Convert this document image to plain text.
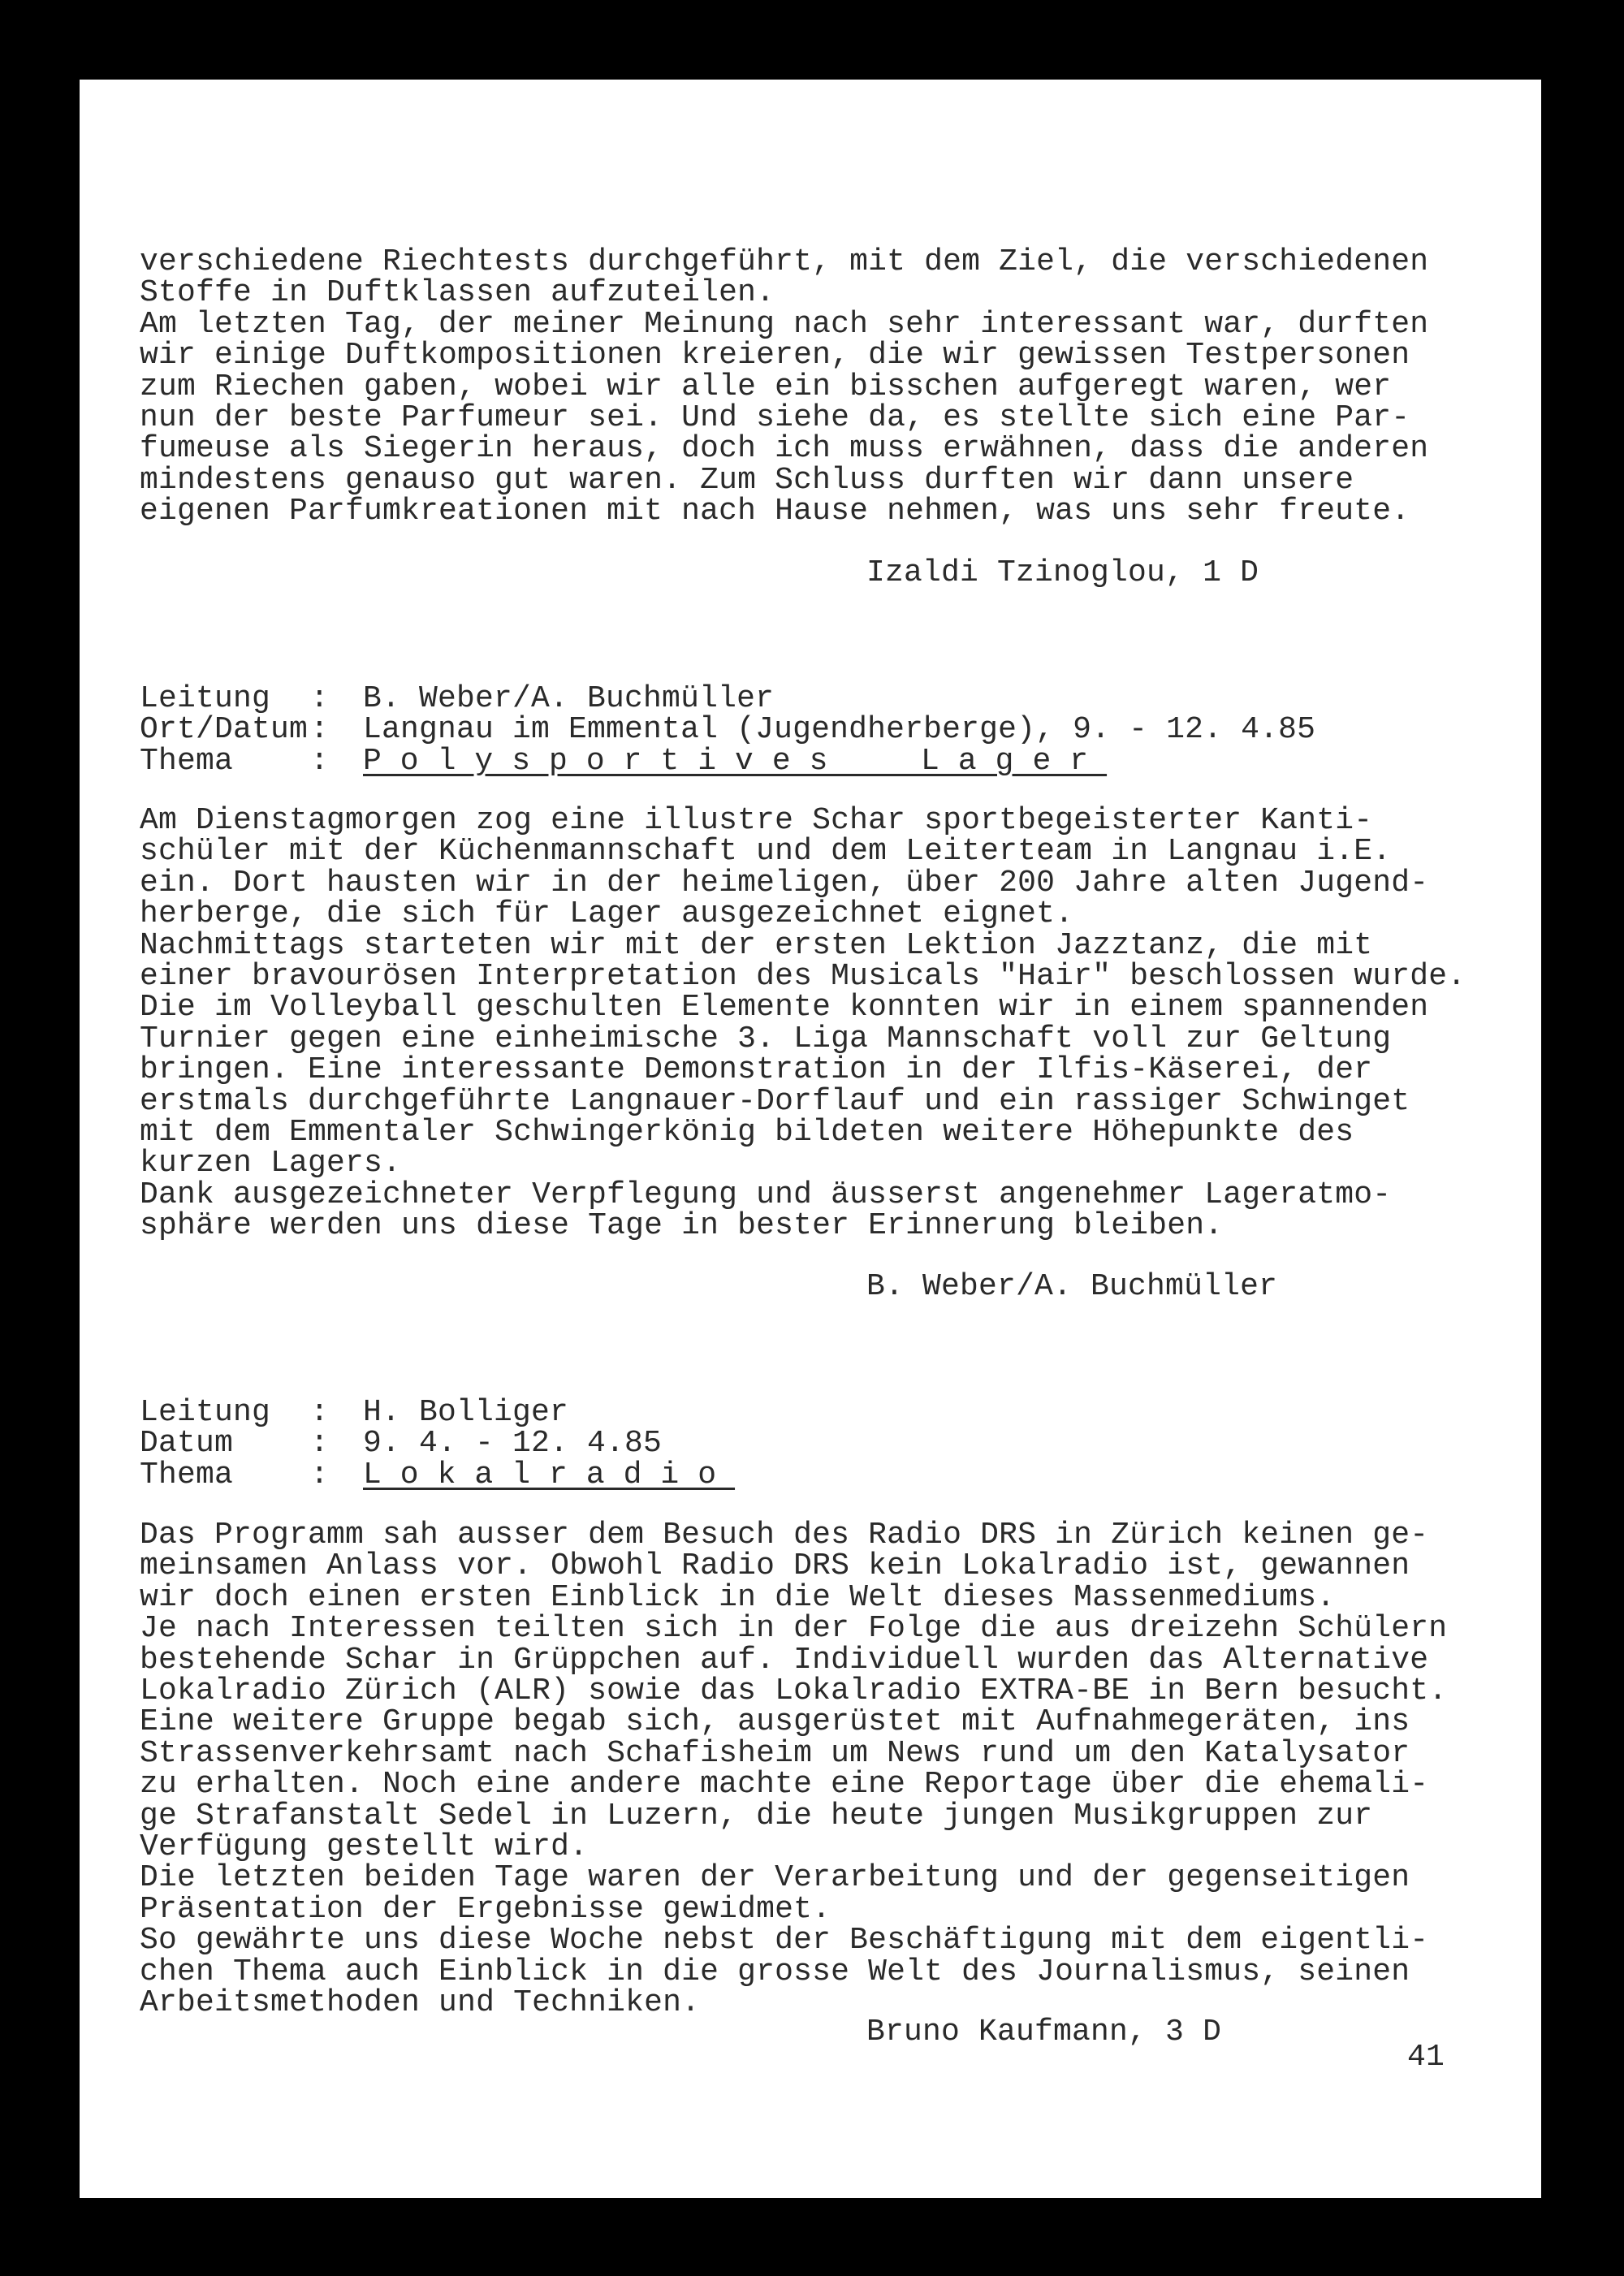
verschiedene Riechtests durchgeführt, mit dem Ziel, die verschiedenen
Stoffe in Duftklassen aufzuteilen.
Am letzten Tag, der meiner Meinung nach sehr interessant war, durften
wir einige Duftkompositionen kreieren, die wir gewissen Testpersonen
zum Riechen gaben, wobei wir alle ein bisschen aufgeregt waren, wer
nun der beste Parfumeur sei. Und siehe da, es stellte sich eine Par-
fumeuse als Siegerin heraus, doch ich muss erwähnen, dass die anderen
mindestens genauso gut waren. Zum Schluss durften wir dann unsere
eigenen Parfumkreationen mit nach Hause nehmen, was uns sehr freute.
Izaldi Tzinoglou, 1 D
Leitung : B. Weber/A. Buchmüller
Ort/Datum: Langnau im Emmental (Jugendherberge), 9. - 12. 4.85
Thema : Polysportives  Lager
Am Dienstagmorgen zog eine illustre Schar sportbegeisterter Kanti-
schüler mit der Küchenmannschaft und dem Leiterteam in Langnau i.E.
ein. Dort hausten wir in der heimeligen, über 200 Jahre alten Jugend-
herberge, die sich für Lager ausgezeichnet eignet.
Nachmittags starteten wir mit der ersten Lektion Jazztanz, die mit
einer bravourösen Interpretation des Musicals "Hair" beschlossen wurde.
Die im Volleyball geschulten Elemente konnten wir in einem spannenden
Turnier gegen eine einheimische 3. Liga Mannschaft voll zur Geltung
bringen. Eine interessante Demonstration in der Ilfis-Käserei, der
erstmals durchgeführte Langnauer-Dorflauf und ein rassiger Schwinget
mit dem Emmentaler Schwingerkönig bildeten weitere Höhepunkte des
kurzen Lagers.
Dank ausgezeichneter Verpflegung und äusserst angenehmer Lageratmo-
sphäre werden uns diese Tage in bester Erinnerung bleiben.
B. Weber/A. Buchmüller
Leitung : H. Bolliger
Datum : 9. 4. - 12. 4.85
Thema : Lokalradio
Das Programm sah ausser dem Besuch des Radio DRS in Zürich keinen ge-
meinsamen Anlass vor. Obwohl Radio DRS kein Lokalradio ist, gewannen
wir doch einen ersten Einblick in die Welt dieses Massenmediums.
Je nach Interessen teilten sich in der Folge die aus dreizehn Schülern
bestehende Schar in Grüppchen auf. Individuell wurden das Alternative
Lokalradio Zürich (ALR) sowie das Lokalradio EXTRA-BE in Bern besucht.
Eine weitere Gruppe begab sich, ausgerüstet mit Aufnahmegeräten, ins
Strassenverkehrsamt nach Schafisheim um News rund um den Katalysator
zu erhalten. Noch eine andere machte eine Reportage über die ehemali-
ge Strafanstalt Sedel in Luzern, die heute jungen Musikgruppen zur
Verfügung gestellt wird.
Die letzten beiden Tage waren der Verarbeitung und der gegenseitigen
Präsentation der Ergebnisse gewidmet.
So gewährte uns diese Woche nebst der Beschäftigung mit dem eigentli-
chen Thema auch Einblick in die grosse Welt des Journalismus, seinen
Arbeitsmethoden und Techniken.
Bruno Kaufmann, 3 D
41
